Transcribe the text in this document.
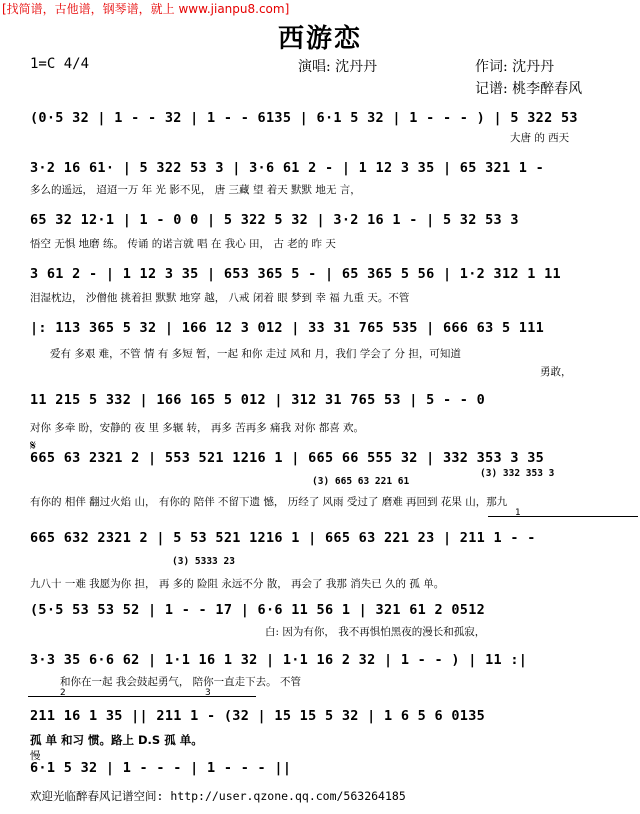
[找简谱，古他谱，钢琴谱，就上 www.jianpu8.com]
西游恋
1=C 4/4	演唱: 沈丹丹	作词: 沈丹丹
记谱: 桃李醉春风
(0·5 32 | 1 - - 32 | 1 - - 6135 | 6·1 5 32 | 1 - - - ) | 5 322 53
大唐 的 西天
3·2 16 61· | 5 322 53 3 | 3·6 61 2 - | 1 12 3 35 | 65 321 1 -
多么的遥远， 迢迢一万 年 光 影不见， 唐 三藏 望 着天 默默 地无 言，
65 32 12·1 | 1 - 0 0 | 5 322 5 32 | 3·2 16 1 - | 5 32 53 3
悟空 无惧 地磨 练。 传诵 的诺言就 唱 在 我心 田， 古 老的 昨 天
3 61 2 - | 1 12 3 35 | 653 365 5 - | 65 365 5 56 | 1·2 312 1 11
泪湿枕边， 沙僧他 挑着担 默默 地穿 越， 八戒 闭着 眼 梦到 幸 福 九重 天。不管
|: 113 365 5 32 | 166 12 3 012 | 33 31 765 535 | 666 63 5 111
爱有 多艰 难，不管 情 有 多短 暂，一起 和你 走过 风和 月，我们 学会了 分 担，可知道
勇敢，
11 215 5 332 | 166 165 5 012 | 312 31 765 53 | 5 - - 0
对你 多牵 盼，安静的 夜 里 多辗 转， 再多 苦再多 痛我 对你 都喜 欢。
𝄋
665 63 2321 2 | 553 521 1216 1 | 665 66 555 32 | 332 353 3 35
(3) 665 63 221 61
(3) 332 353 3
有你的 相伴 翻过火焰 山， 有你的 陪伴 不留下遗 憾， 历经了 风雨 受过了 磨难 再回到 花果 山，那九
1
665 632 2321 2 | 5 53 521 1216 1 | 665 63 221 23 | 211 1 - -
(3) 5333 23
九八十 一难 我愿为你 担， 再 多的 险阻 永远不分 散， 再会了 我那 消失已 久的 孤 单。
(5·5 53 53 52 | 1 - - 17 | 6·6 11 56 1 | 321 61 2 0512
白: 因为有你， 我不再惧怕黑夜的漫长和孤寂，
3·3 35 6·6 62 | 1·1 16 1 32 | 1·1 16 2 32 | 1 - - ) | 11 :|
和你在一起 我会鼓起勇气， 陪你一直走下去。 不管
2	3
211 16 1 35 || 211 1 - (32 | 15 15 5 32 | 1 6 5 6 0135
孤 单 和习 惯。路上 D.S 孤 单。
慢
6·1 5 32 | 1 - - - | 1 - - - ||
欢迎光临醉春风记谱空间: http://user.qzone.qq.com/563264185
